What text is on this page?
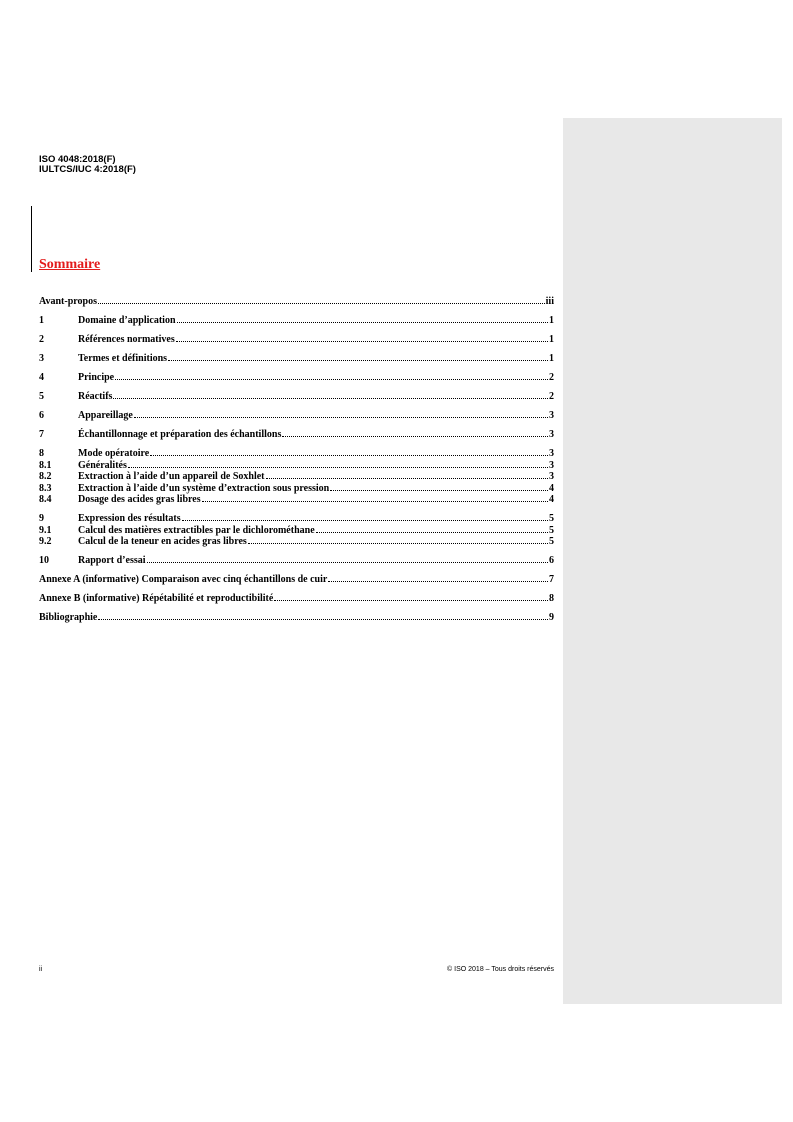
ISO 4048:2018(F)
IULTCS/IUC 4:2018(F)
Sommaire
Avant-propos	iii
1	Domaine d’application	1
2	Références normatives	1
3	Termes et définitions	1
4	Principe	2
5	Réactifs	2
6	Appareillage	3
7	Échantillonnage et préparation des échantillons	3
8	Mode opératoire	3
8.1	Généralités	3
8.2	Extraction à l’aide d’un appareil de Soxhlet	3
8.3	Extraction à l’aide d’un système d’extraction sous pression	4
8.4	Dosage des acides gras libres	4
9	Expression des résultats	5
9.1	Calcul des matières extractibles par le dichlorométhane	5
9.2	Calcul de la teneur en acides gras libres	5
10	Rapport d’essai	6
Annexe A (informative) Comparaison avec cinq échantillons de cuir	7
Annexe B (informative) Répétabilité et reproductibilité	8
Bibliographie	9
ii	© ISO 2018 – Tous droits réservés
